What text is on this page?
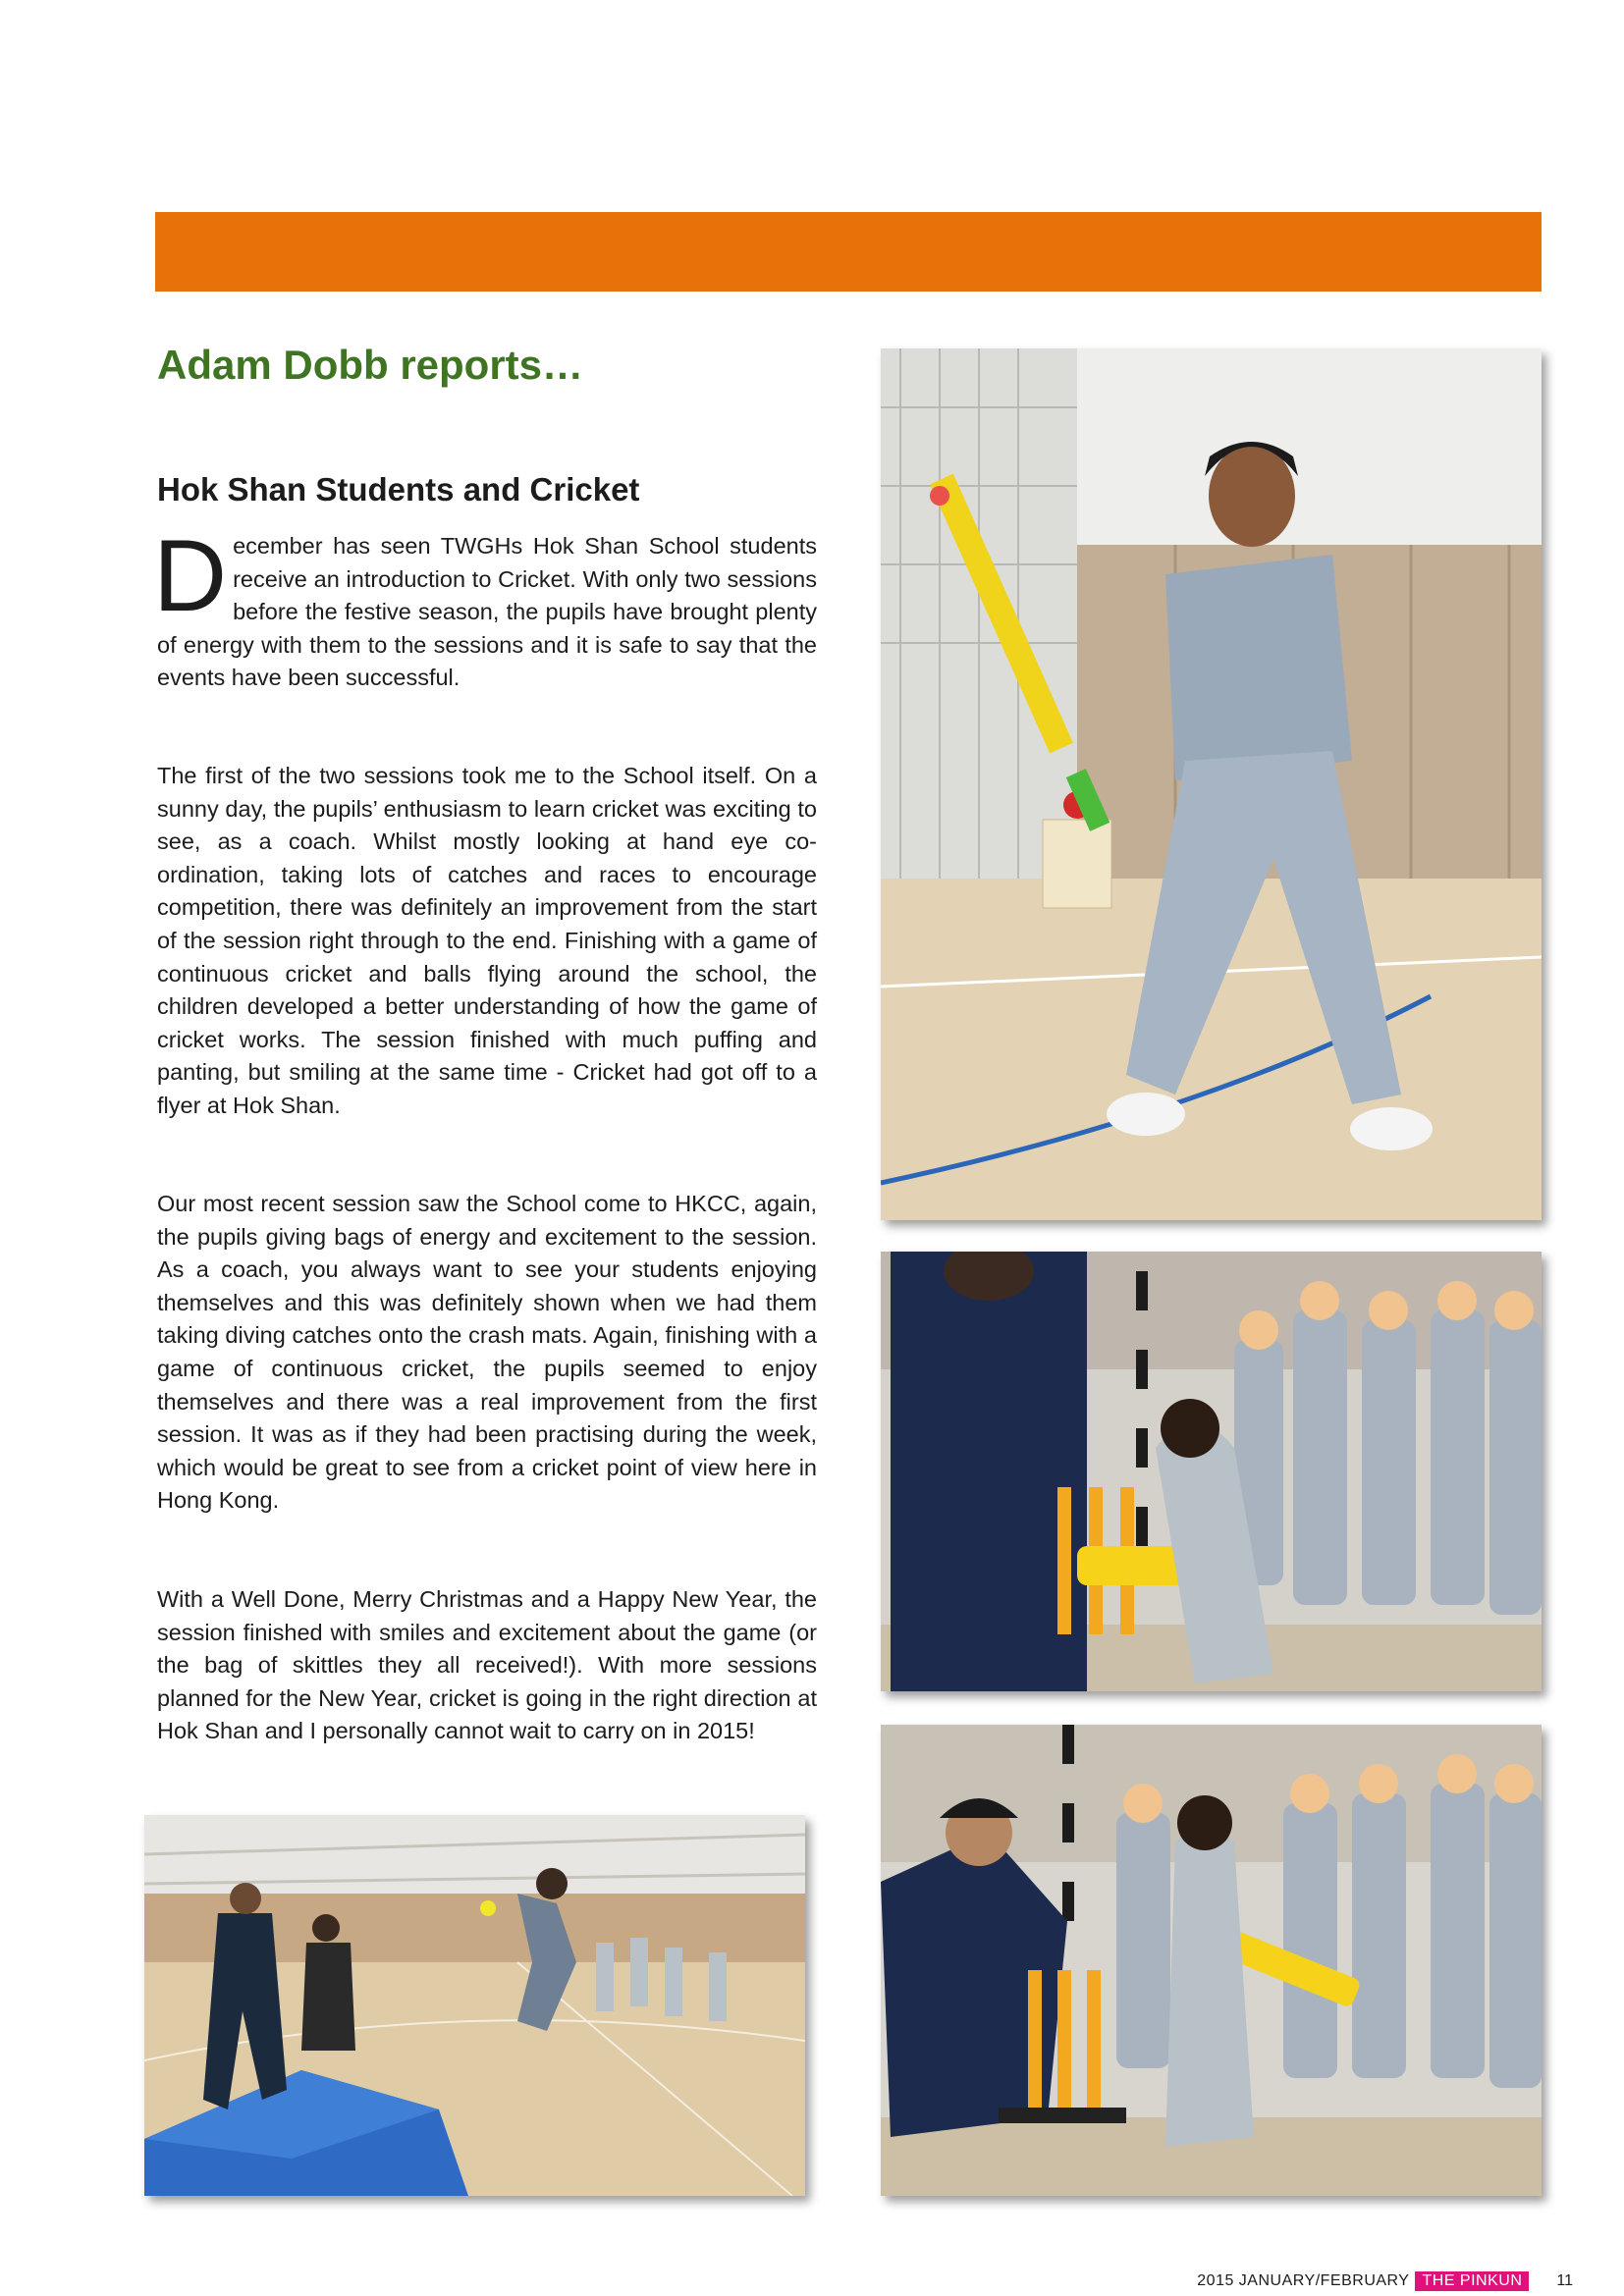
Adam Dobb reports…
Hok Shan Students and Cricket
December has seen TWGHs Hok Shan School students receive an introduction to Cricket. With only two sessions before the festive season, the pupils have brought plenty of energy with them to the sessions and it is safe to say that the events have been successful.
The first of the two sessions took me to the School itself. On a sunny day, the pupils’ enthusiasm to learn cricket was exciting to see, as a coach. Whilst mostly looking at hand eye co-ordination, taking lots of catches and races to encourage competition, there was definitely an improvement from the start of the session right through to the end. Finishing with a game of continuous cricket and balls flying around the school, the children developed a better understanding of how the game of cricket works. The session finished with much puffing and panting, but smiling at the same time - Cricket had got off to a flyer at Hok Shan.
Our most recent session saw the School come to HKCC, again, the pupils giving bags of energy and excitement to the session. As a coach, you always want to see your students enjoying themselves and this was definitely shown when we had them taking diving catches onto the crash mats. Again, finishing with a game of continuous cricket, the pupils seemed to enjoy themselves and there was a real improvement from the first session. It was as if they had been practising during the week, which would be great to see from a cricket point of view here in Hong Kong.
With a Well Done, Merry Christmas and a Happy New Year, the session finished with smiles and excitement about the game (or the bag of skittles they all received!). With more sessions planned for the New Year, cricket is going in the right direction at Hok Shan and I personally cannot wait to carry on in 2015!
2015 JANUARY/FEBRUARY THE PINKUN	11
